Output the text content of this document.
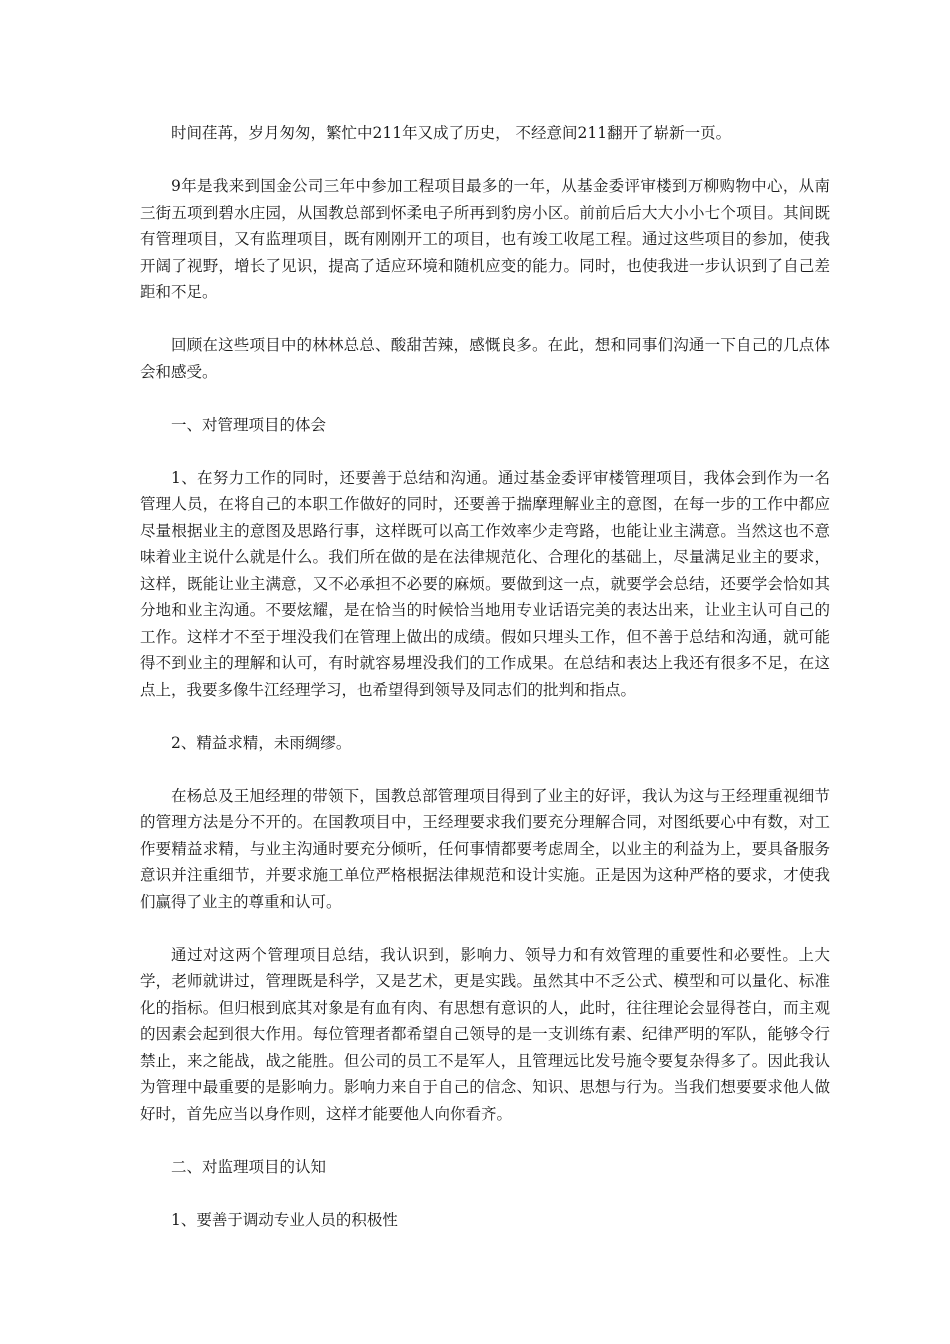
时间荏苒，岁月匆匆，繁忙中211年又成了历史， 不经意间211翻开了崭新一页。

9年是我来到国金公司三年中参加工程项目最多的一年，从基金委评审楼到万柳购物中心，从南三街五项到碧水庄园，从国教总部到怀柔电子所再到豹房小区。前前后后大大小小七个项目。其间既有管理项目，又有监理项目，既有刚刚开工的项目，也有竣工收尾工程。通过这些项目的参加，使我开阔了视野，增长了见识，提高了适应环境和随机应变的能力。同时，也使我进一步认识到了自己差距和不足。

回顾在这些项目中的林林总总、酸甜苦辣，感慨良多。在此，想和同事们沟通一下自己的几点体会和感受。

一、对管理项目的体会

1、在努力工作的同时，还要善于总结和沟通。通过基金委评审楼管理项目，我体会到作为一名管理人员，在将自己的本职工作做好的同时，还要善于揣摩理解业主的意图，在每一步的工作中都应尽量根据业主的意图及思路行事，这样既可以高工作效率少走弯路，也能让业主满意。当然这也不意味着业主说什么就是什么。我们所在做的是在法律规范化、合理化的基础上，尽量满足业主的要求，这样，既能让业主满意，又不必承担不必要的麻烦。要做到这一点，就要学会总结，还要学会恰如其分地和业主沟通。不要炫耀，是在恰当的时候恰当地用专业话语完美的表达出来，让业主认可自己的工作。这样才不至于埋没我们在管理上做出的成绩。假如只埋头工作，但不善于总结和沟通，就可能得不到业主的理解和认可，有时就容易埋没我们的工作成果。在总结和表达上我还有很多不足，在这点上，我要多像牛江经理学习，也希望得到领导及同志们的批判和指点。

2、精益求精，未雨绸缪。

在杨总及王旭经理的带领下，国教总部管理项目得到了业主的好评，我认为这与王经理重视细节的管理方法是分不开的。在国教项目中，王经理要求我们要充分理解合同，对图纸要心中有数，对工作要精益求精，与业主沟通时要充分倾听，任何事情都要考虑周全，以业主的利益为上，要具备服务意识并注重细节，并要求施工单位严格根据法律规范和设计实施。正是因为这种严格的要求，才使我们赢得了业主的尊重和认可。

通过对这两个管理项目总结，我认识到，影响力、领导力和有效管理的重要性和必要性。上大学，老师就讲过，管理既是科学，又是艺术，更是实践。虽然其中不乏公式、模型和可以量化、标准化的指标。但归根到底其对象是有血有肉、有思想有意识的人，此时，往往理论会显得苍白，而主观的因素会起到很大作用。每位管理者都希望自己领导的是一支训练有素、纪律严明的军队，能够令行禁止，来之能战，战之能胜。但公司的员工不是军人，且管理远比发号施令要复杂得多了。因此我认为管理中最重要的是影响力。影响力来自于自己的信念、知识、思想与行为。当我们想要要求他人做好时，首先应当以身作则，这样才能要他人向你看齐。

二、对监理项目的认知

1、要善于调动专业人员的积极性
